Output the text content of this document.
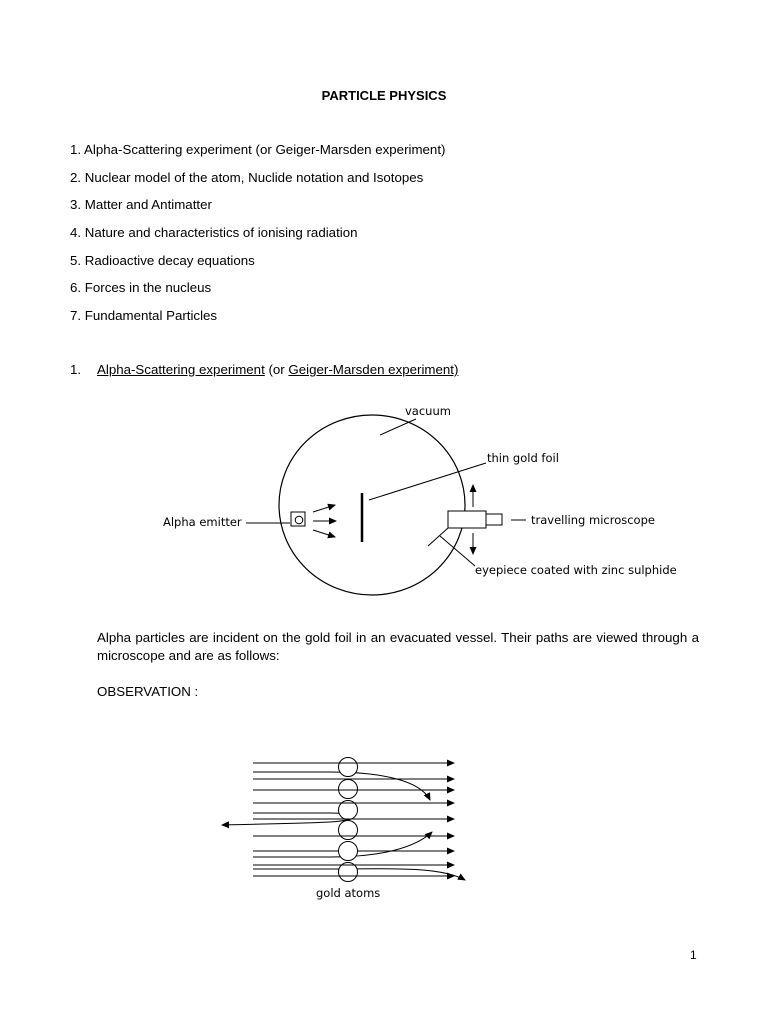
PARTICLE PHYSICS
1. Alpha-Scattering experiment (or Geiger-Marsden experiment)
2. Nuclear model of the atom, Nuclide notation and Isotopes
3. Matter and Antimatter
4. Nature and characteristics of ionising radiation
5. Radioactive decay equations
6. Forces in the nucleus
7. Fundamental Particles
1. Alpha-Scattering experiment (or Geiger-Marsden experiment)
vacuum
thin gold foil
Alpha emitter	travelling microscope
eyepiece coated with zinc sulphide
gold atoms
Alpha particles are incident on the gold foil in an evacuated vessel. Their paths are viewed through a microscope and are as follows:
OBSERVATION :
1
